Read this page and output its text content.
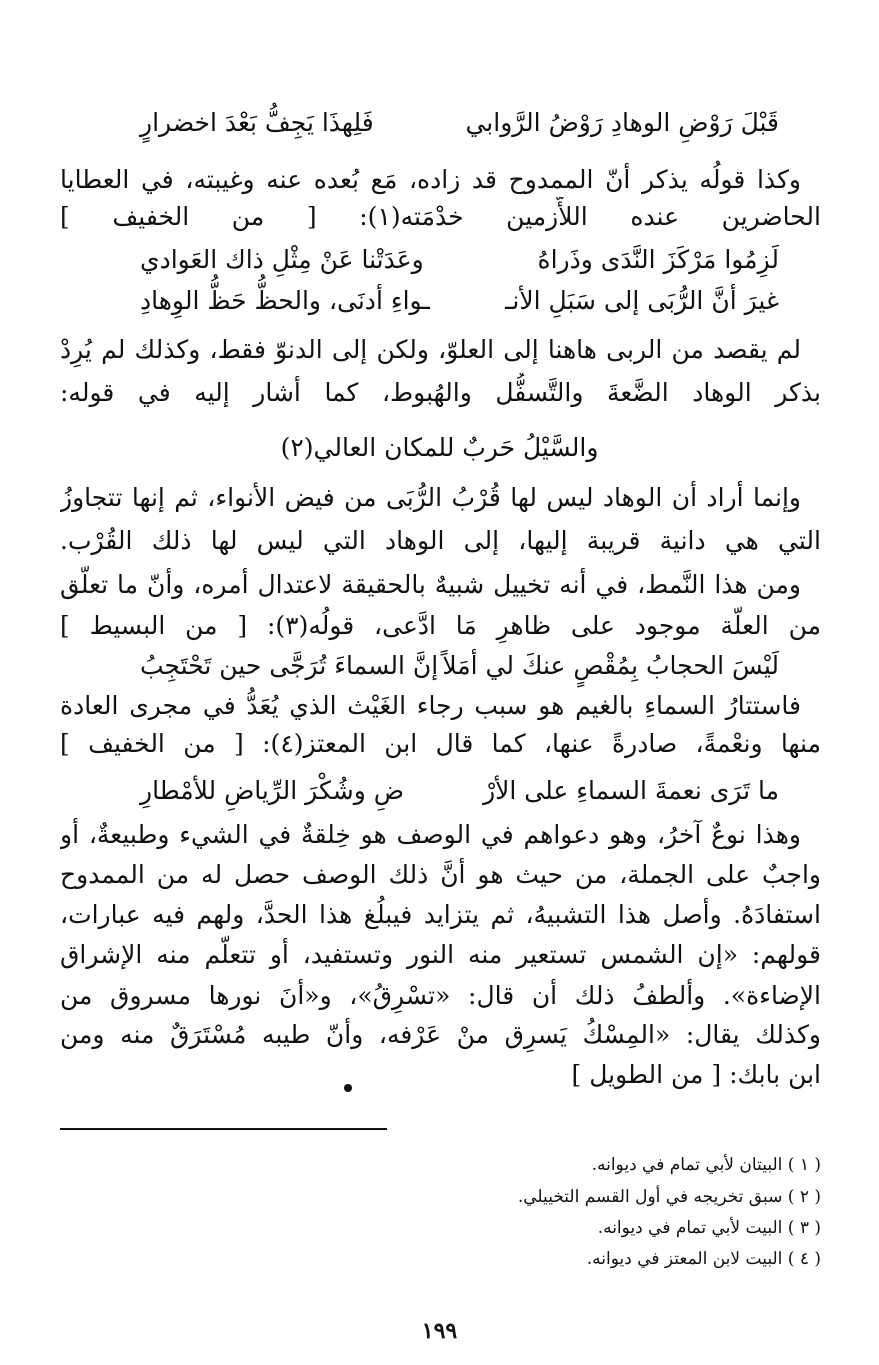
قَبْلَ رَوْضِ الوهادِ رَوْضُ الرَّوابي
فَلِهذَا يَجِفُّ بَعْدَ اخضرارٍ
وكذا قولُه يذكر أنّ الممدوح قد زاده، مَع بُعده عنه وغيبته، في العطايا
الحاضرين عنده اللأّزمين خدْمَته(١): [ من الخفيف ]
لَزِمُوا مَرْكَزَ النَّدَى وذَراهُ
وعَدَتْنا عَنْ مِثْلِ ذاك العَوادي
غيرَ أنَّ الرُّبَى إلى سَبَلِ الأنـ
ـواءِ أدنَى، والحظُّ حَظُّ الوِهادِ
لم يقصد من الربى هاهنا إلى العلوّ، ولكن إلى الدنوّ فقط، وكذلك لم يُرِدْ
بذكر الوهاد الضَّعةَ والتَّسفُّل والهُبوط، كما أشار إليه في قوله:
والسَّيْلُ حَربٌ للمكان العالي(٢)
وإنما أراد أن الوهاد ليس لها قُرْبُ الرُّبَى من فيض الأنواء، ثم إنها تتجاوزُ
التي هي دانية قريبة إليها، إلى الوهاد التي ليس لها ذلك القُرْب.
ومن هذا النَّمط، في أنه تخييل شبيهٌ بالحقيقة لاعتدال أمره، وأنّ ما تعلّق
من العلّة موجود على ظاهرِ مَا ادَّعى، قولُه(٣): [ من البسيط ]
لَيْسَ الحجابُ بِمُقْصٍ عنكَ لي أمَلاً
إنَّ السماءَ تُرَجَّى حين تَحْتَجِبُ
فاستتارُ السماءِ بالغيم هو سبب رجاء الغَيْث الذي يُعَدُّ في مجرى العادة
منها ونعْمةً، صادرةً عنها، كما قال ابن المعتز(٤): [ من الخفيف ]
ما تَرَى نعمةَ السماءِ على الأرْ
ضِ وشُكْرَ الرِّياضِ للأمْطارِ
وهذا نوعٌ آخرُ، وهو دعواهم في الوصف هو خِلقةٌ في الشيء وطبيعةٌ، أو
واجبٌ على الجملة، من حيث هو أنَّ ذلك الوصف حصل له من الممدوح
استفادَهُ. وأصل هذا التشبيهُ، ثم يتزايد فيبلُغ هذا الحدَّ، ولهم فيه عبارات،
قولهم: «إن الشمس تستعير منه النور وتستفيد، أو تتعلّم منه الإشراق
الإضاءة». وألطفُ ذلك أن قال: «تسْرِقُ»، و«أنَ نورها مسروق من
وكذلك يقال: «المِسْكُ يَسرِق منْ عَرْفه، وأنّ طيبه مُسْتَرَقٌ منه ومن
ابن بابك: [ من الطويل ]
( ١ ) البيتان لأبي تمام في ديوانه.
( ٢ ) سبق تخريجه في أول القسم التخييلي.
( ٣ ) البيت لأبي تمام في ديوانه.
( ٤ ) البيت لابن المعتز في ديوانه.
١٩٩
